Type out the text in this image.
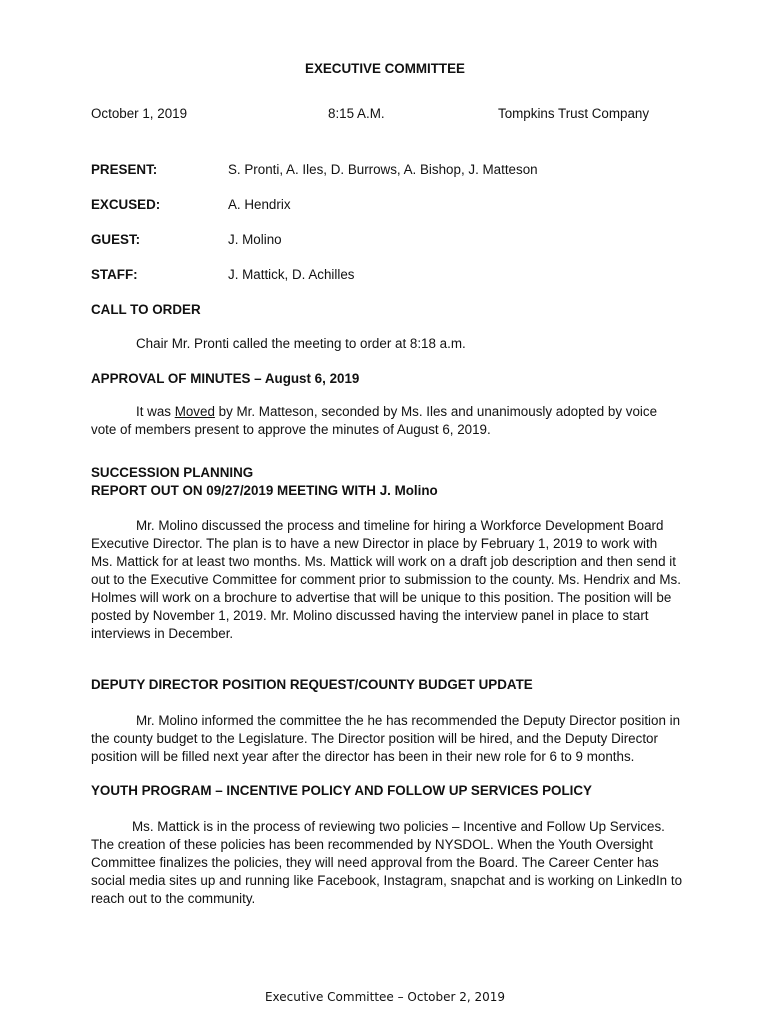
EXECUTIVE COMMITTEE
October 1, 2019	8:15 A.M.	Tompkins Trust Company
PRESENT:	S. Pronti, A. Iles, D. Burrows, A. Bishop, J. Matteson
EXCUSED:	A. Hendrix
GUEST:	J. Molino
STAFF:	J. Mattick, D. Achilles
CALL TO ORDER
Chair Mr. Pronti called the meeting to order at 8:18 a.m.
APPROVAL OF MINUTES – August 6, 2019
It was Moved by Mr. Matteson, seconded by Ms. Iles and unanimously adopted by voice
vote of members present to approve the minutes of August 6, 2019.
SUCCESSION PLANNING
REPORT OUT ON 09/27/2019 MEETING WITH J. Molino
Mr. Molino discussed the process and timeline for hiring a Workforce Development Board
Executive Director. The plan is to have a new Director in place by February 1, 2019 to work with
Ms. Mattick for at least two months. Ms. Mattick will work on a draft job description and then send it
out to the Executive Committee for comment prior to submission to the county. Ms. Hendrix and Ms.
Holmes will work on a brochure to advertise that will be unique to this position. The position will be
posted by November 1, 2019. Mr. Molino discussed having the interview panel in place to start
interviews in December.
DEPUTY DIRECTOR POSITION REQUEST/COUNTY BUDGET UPDATE
Mr. Molino informed the committee the he has recommended the Deputy Director position in
the county budget to the Legislature. The Director position will be hired, and the Deputy Director
position will be filled next year after the director has been in their new role for 6 to 9 months.
YOUTH PROGRAM – INCENTIVE POLICY AND FOLLOW UP SERVICES POLICY
Ms. Mattick is in the process of reviewing two policies – Incentive and Follow Up Services.
The creation of these policies has been recommended by NYSDOL. When the Youth Oversight
Committee finalizes the policies, they will need approval from the Board. The Career Center has
social media sites up and running like Facebook, Instagram, snapchat and is working on LinkedIn to
reach out to the community.
Executive Committee – October 2, 2019
